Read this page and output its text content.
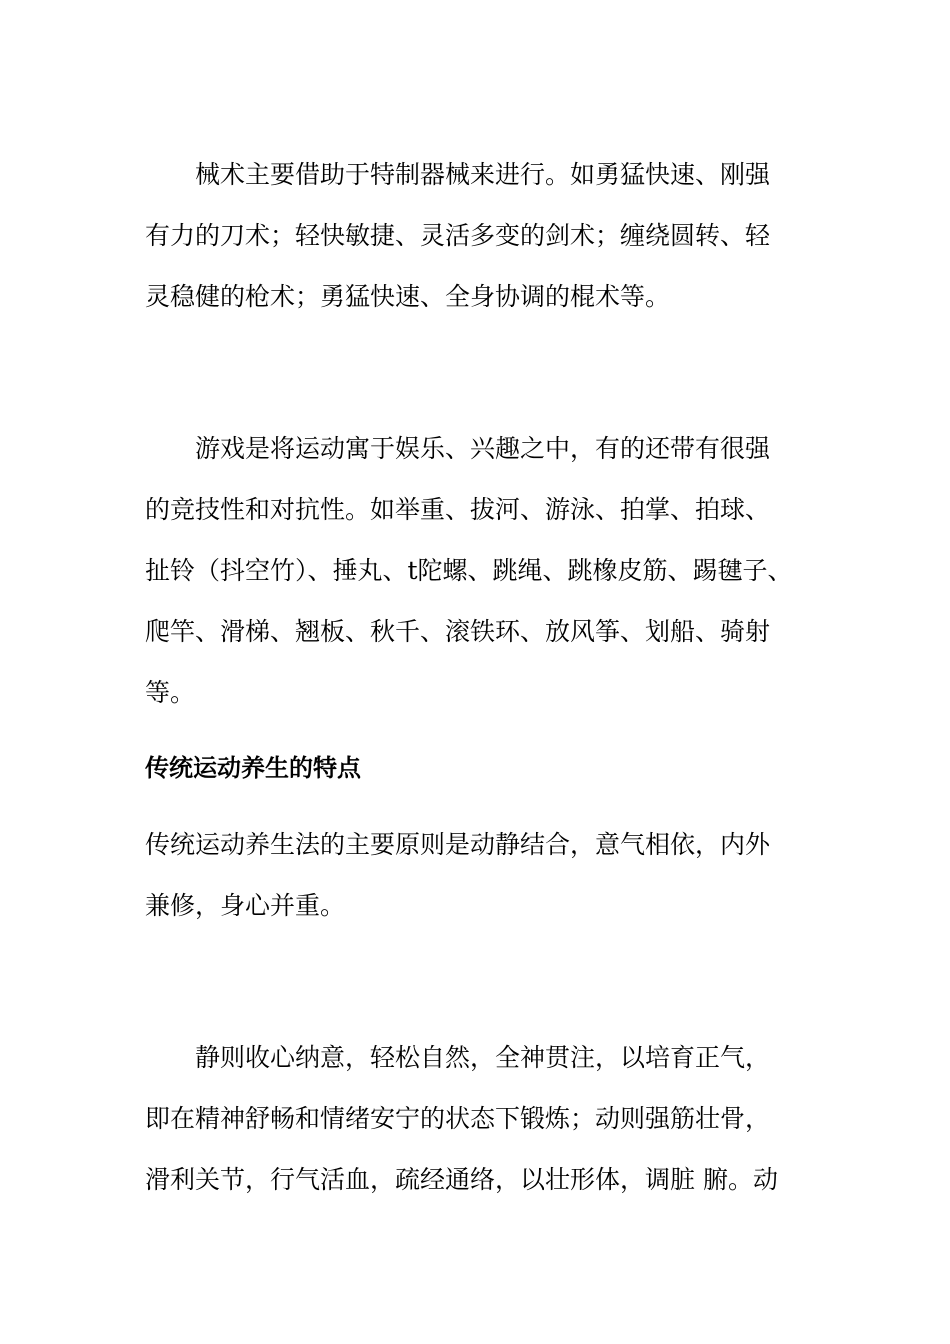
械术主要借助于特制器械来进行。如勇猛快速、刚强
有力的刀术；轻快敏捷、灵活多变的剑术；缠绕圆转、轻
灵稳健的枪术；勇猛快速、全身协调的棍术等。
游戏是将运动寓于娱乐、兴趣之中，有的还带有很强
的竞技性和对抗性。如举重、拔河、游泳、拍掌、拍球、
扯铃（抖空竹）、捶丸、t陀螺、跳绳、跳橡皮筋、踢毽子、
爬竿、滑梯、翘板、秋千、滚铁环、放风筝、划船、骑射
等。
传统运动养生的特点
传统运动养生法的主要原则是动静结合，意气相依，内外
兼修，身心并重。
静则收心纳意，轻松自然，全神贯注，以培育正气，
即在精神舒畅和情绪安宁的状态下锻炼；动则强筋壮骨，
滑利关节，行气活血，疏经通络，以壮形体，调脏 腑。动
